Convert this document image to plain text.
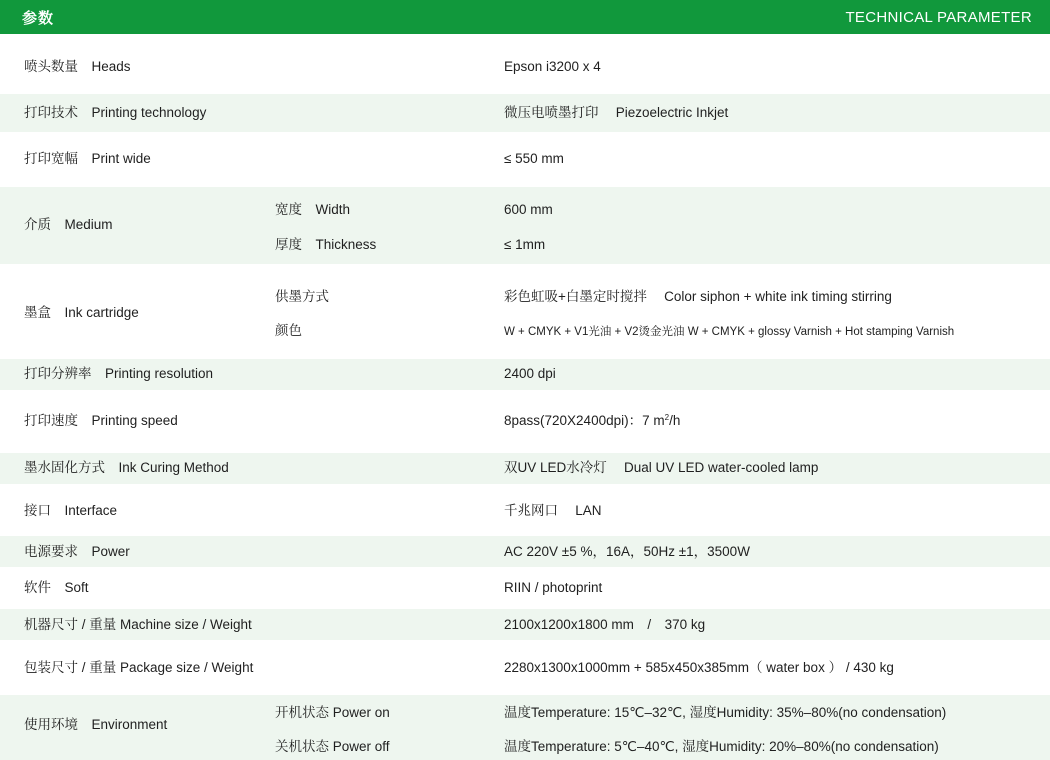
参数	TECHNICAL PARAMETER
喷头数量　Heads	Epson i3200 x 4
打印技术　Printing technology	微压电喷墨打印　 Piezoelectric Inkjet
打印宽幅　Print wide	≤ 550 mm
介质　Medium
宽度　Width	600 mm
厚度　Thickness	≤ 1mm
墨盒　Ink cartridge
供墨方式	彩色虹吸+白墨定时搅拌　 Color siphon + white ink timing stirring
颜色	W + CMYK + V1光油 + V2烫金光油 W + CMYK + glossy Varnish + Hot stamping Varnish
打印分辨率　Printing resolution	2400 dpi
打印速度　Printing speed	8pass(720X2400dpi)：7 $m^2/h$
墨水固化方式　Ink Curing Method	双UV LED水冷灯　 Dual UV LED water-cooled lamp
接口　Interface	千兆网口　 LAN
电源要求　Power	AC 220V ±5 %，16A，50Hz ±1，3500W
软件　Soft	RIIN / photoprint
机器尺寸 / 重量 Machine size / Weight	2100x1200x1800 mm　/　370 kg
包装尺寸 / 重量 Package size / Weight	2280x1300x1000mm + 585x450x385mm（ water box ） / 430 kg
使用环境　Environment
开机状态 Power on	温度Temperature: 15℃–32℃, 湿度Humidity: 35%–80%(no condensation)
关机状态 Power off	温度Temperature: 5℃–40℃, 湿度Humidity: 20%–80%(no condensation)
